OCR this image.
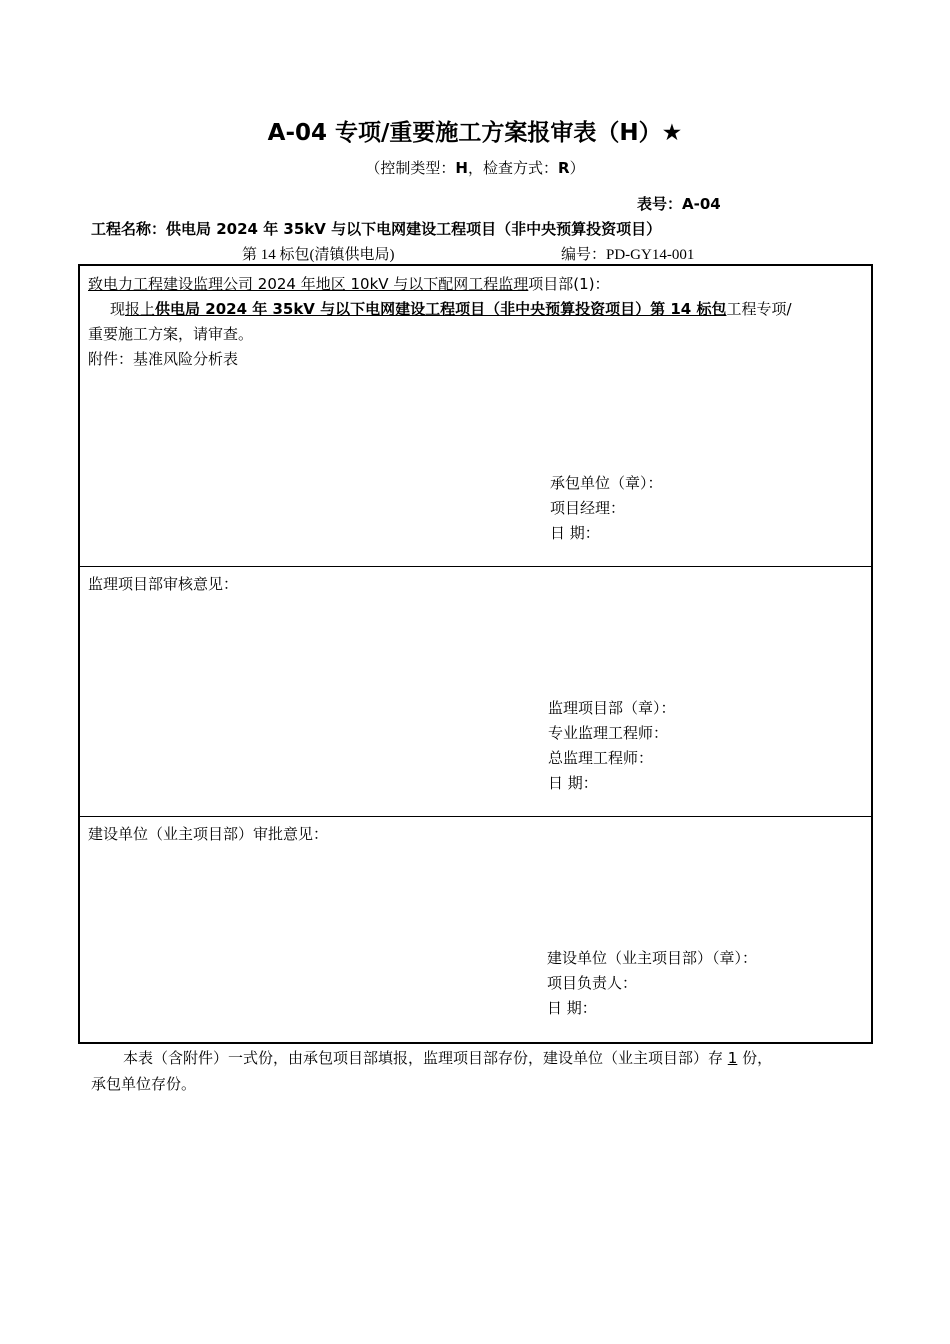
A-04 专项/重要施工方案报审表（H）★
（控制类型：H，检查方式：R）
表号：A-04
工程名称：供电局 2024 年 35kV 与以下电网建设工程项目（非中央预算投资项目）
第 14 标包(清镇供电局)	编号：PD-GY14-001
致电力工程建设监理公司 2024 年地区 10kV 与以下配网工程监理项目部(1)：
现报上供电局 2024 年 35kV 与以下电网建设工程项目（非中央预算投资项目）第 14 标包工程专项/
重要施工方案，请审查。
附件：基准风险分析表
承包单位（章）：
项目经理：
日 期：
监理项目部审核意见：
监理项目部（章）：
专业监理工程师：
总监理工程师：
日 期：
建设单位（业主项目部）审批意见：
建设单位（业主项目部）（章）：
项目负责人：
日 期：
本表（含附件）一式份，由承包项目部填报，监理项目部存份，建设单位（业主项目部）存 1 份，
承包单位存份。
